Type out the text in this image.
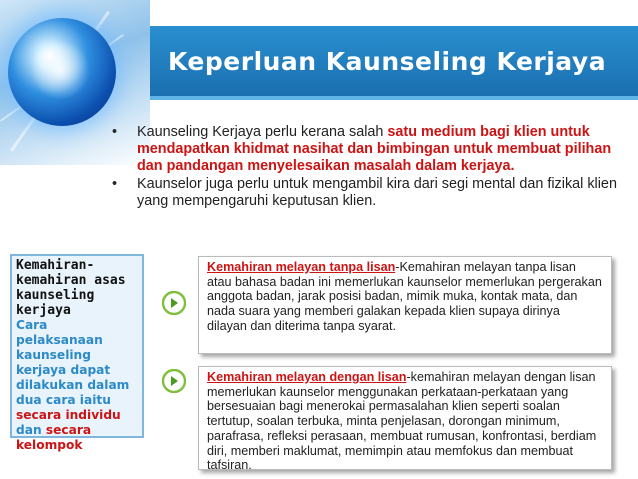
Keperluan Kaunseling Kerjaya
• Kaunseling Kerjaya perlu kerana salah satu medium bagi klien untuk mendapatkan khidmat nasihat dan bimbingan untuk membuat pilihan dan pandangan menyelesaikan masalah dalam kerjaya.
• Kaunselor juga perlu untuk mengambil kira dari segi mental dan fizikal klien yang mempengaruhi keputusan klien.
Kemahiran-kemahiran asas kaunseling kerjaya
Cara pelaksanaan kaunseling kerjaya dapat dilakukan dalam dua cara iaitu secara individu dan secara kelompok
Kemahiran melayan tanpa lisan-Kemahiran melayan tanpa lisan atau bahasa badan ini memerlukan kaunselor memerlukan pergerakan anggota badan, jarak posisi badan, mimik muka, kontak mata, dan nada suara yang memberi galakan kepada klien supaya dirinya dilayan dan diterima tanpa syarat.
Kemahiran melayan dengan lisan-kemahiran melayan dengan lisan memerlukan kaunselor menggunakan perkataan-perkataan yang bersesuaian bagi menerokai permasalahan klien seperti soalan tertutup, soalan terbuka, minta penjelasan, dorongan minimum, parafrasa, refleksi perasaan, membuat rumusan, konfrontasi, berdiam diri, memberi maklumat, memimpin atau memfokus dan membuat tafsiran.
